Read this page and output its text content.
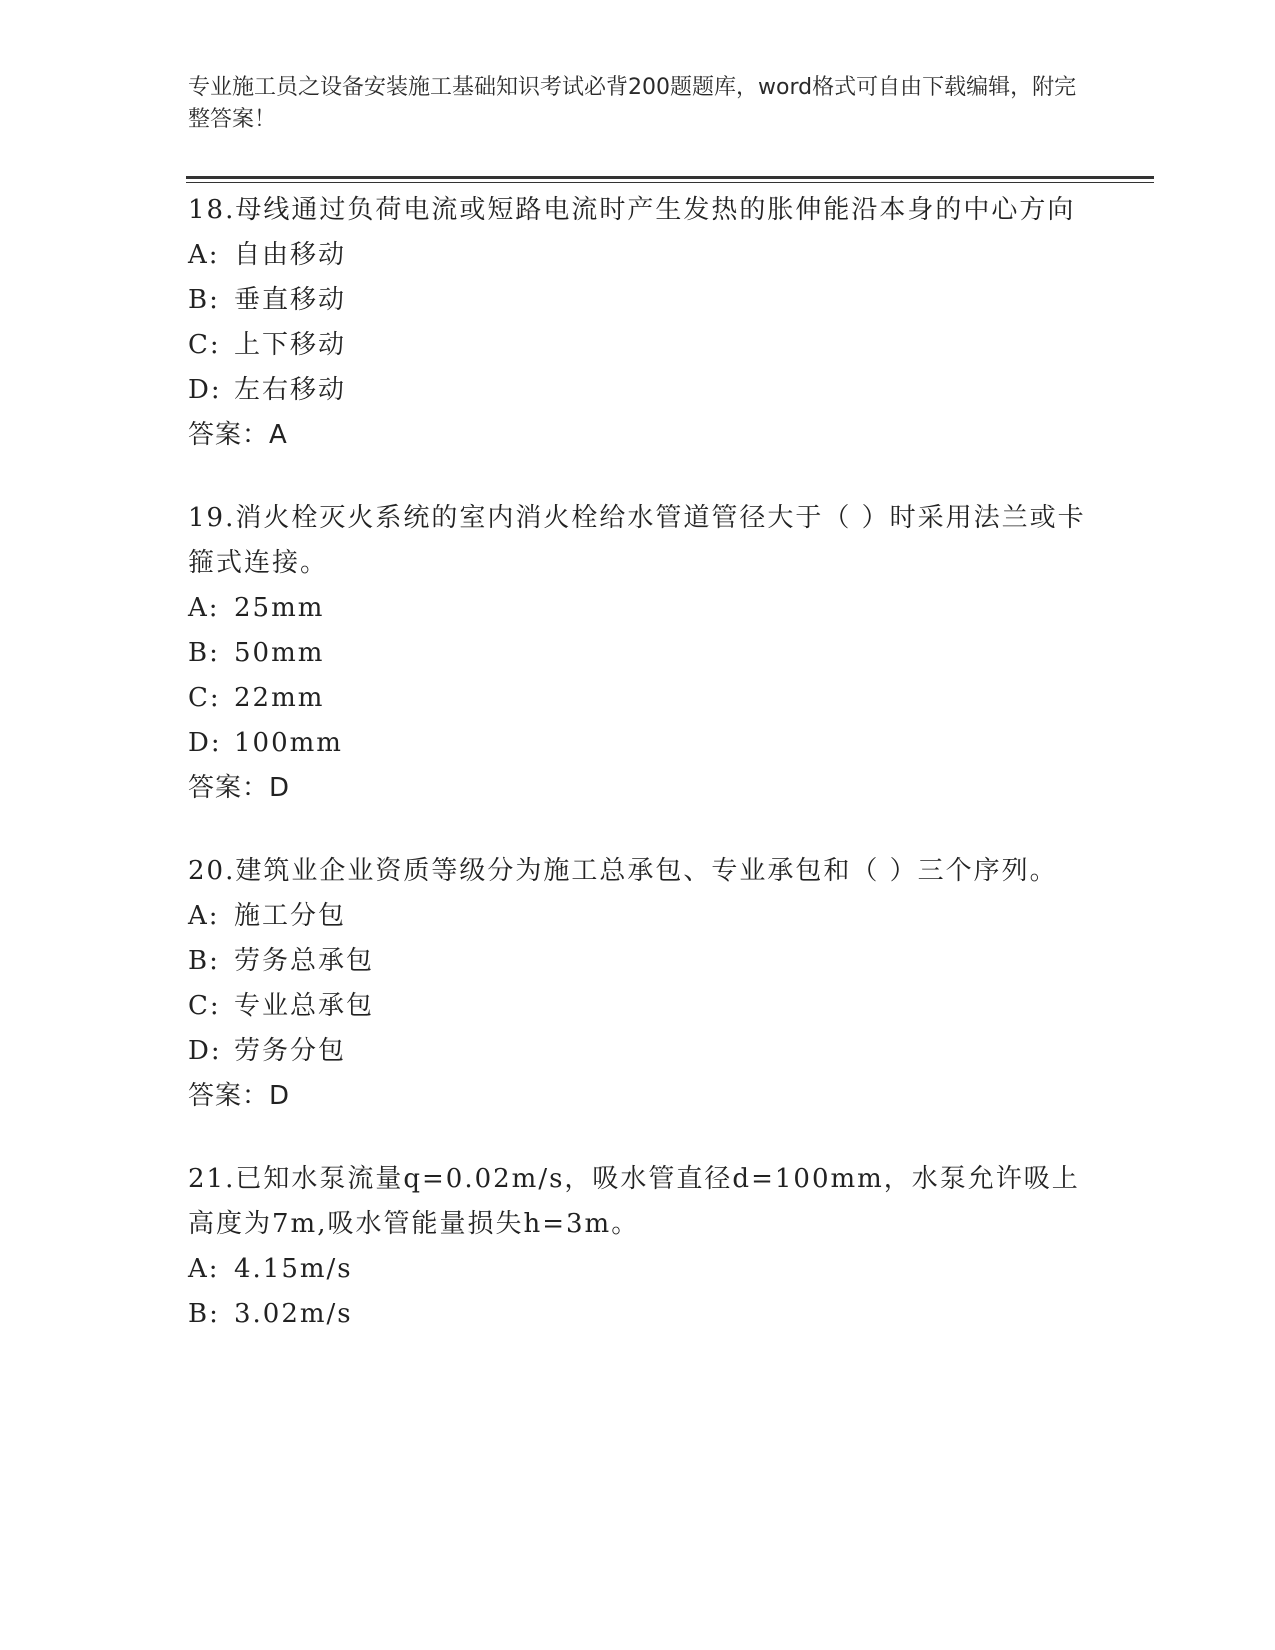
专业施工员之设备安装施工基础知识考试必背200题题库，word格式可自由下载编辑，附完整答案！

18.母线通过负荷电流或短路电流时产生发热的胀伸能沿本身的中心方向

A: 自由移动

B: 垂直移动

C: 上下移动

D: 左右移动

答案：A

19.消火栓灭火系统的室内消火栓给水管道管径大于（ ）时采用法兰或卡箍式连接。

A: 25mm

B: 50mm

C: 22mm

D: 100mm

答案：D

20.建筑业企业资质等级分为施工总承包、专业承包和（ ）三个序列。

A: 施工分包

B: 劳务总承包

C: 专业总承包

D: 劳务分包

答案：D

21.已知水泵流量q=0.02m/s，吸水管直径d=100mm，水泵允许吸上高度为7m,吸水管能量损失h=3m。

A: 4.15m/s

B: 3.02m/s
